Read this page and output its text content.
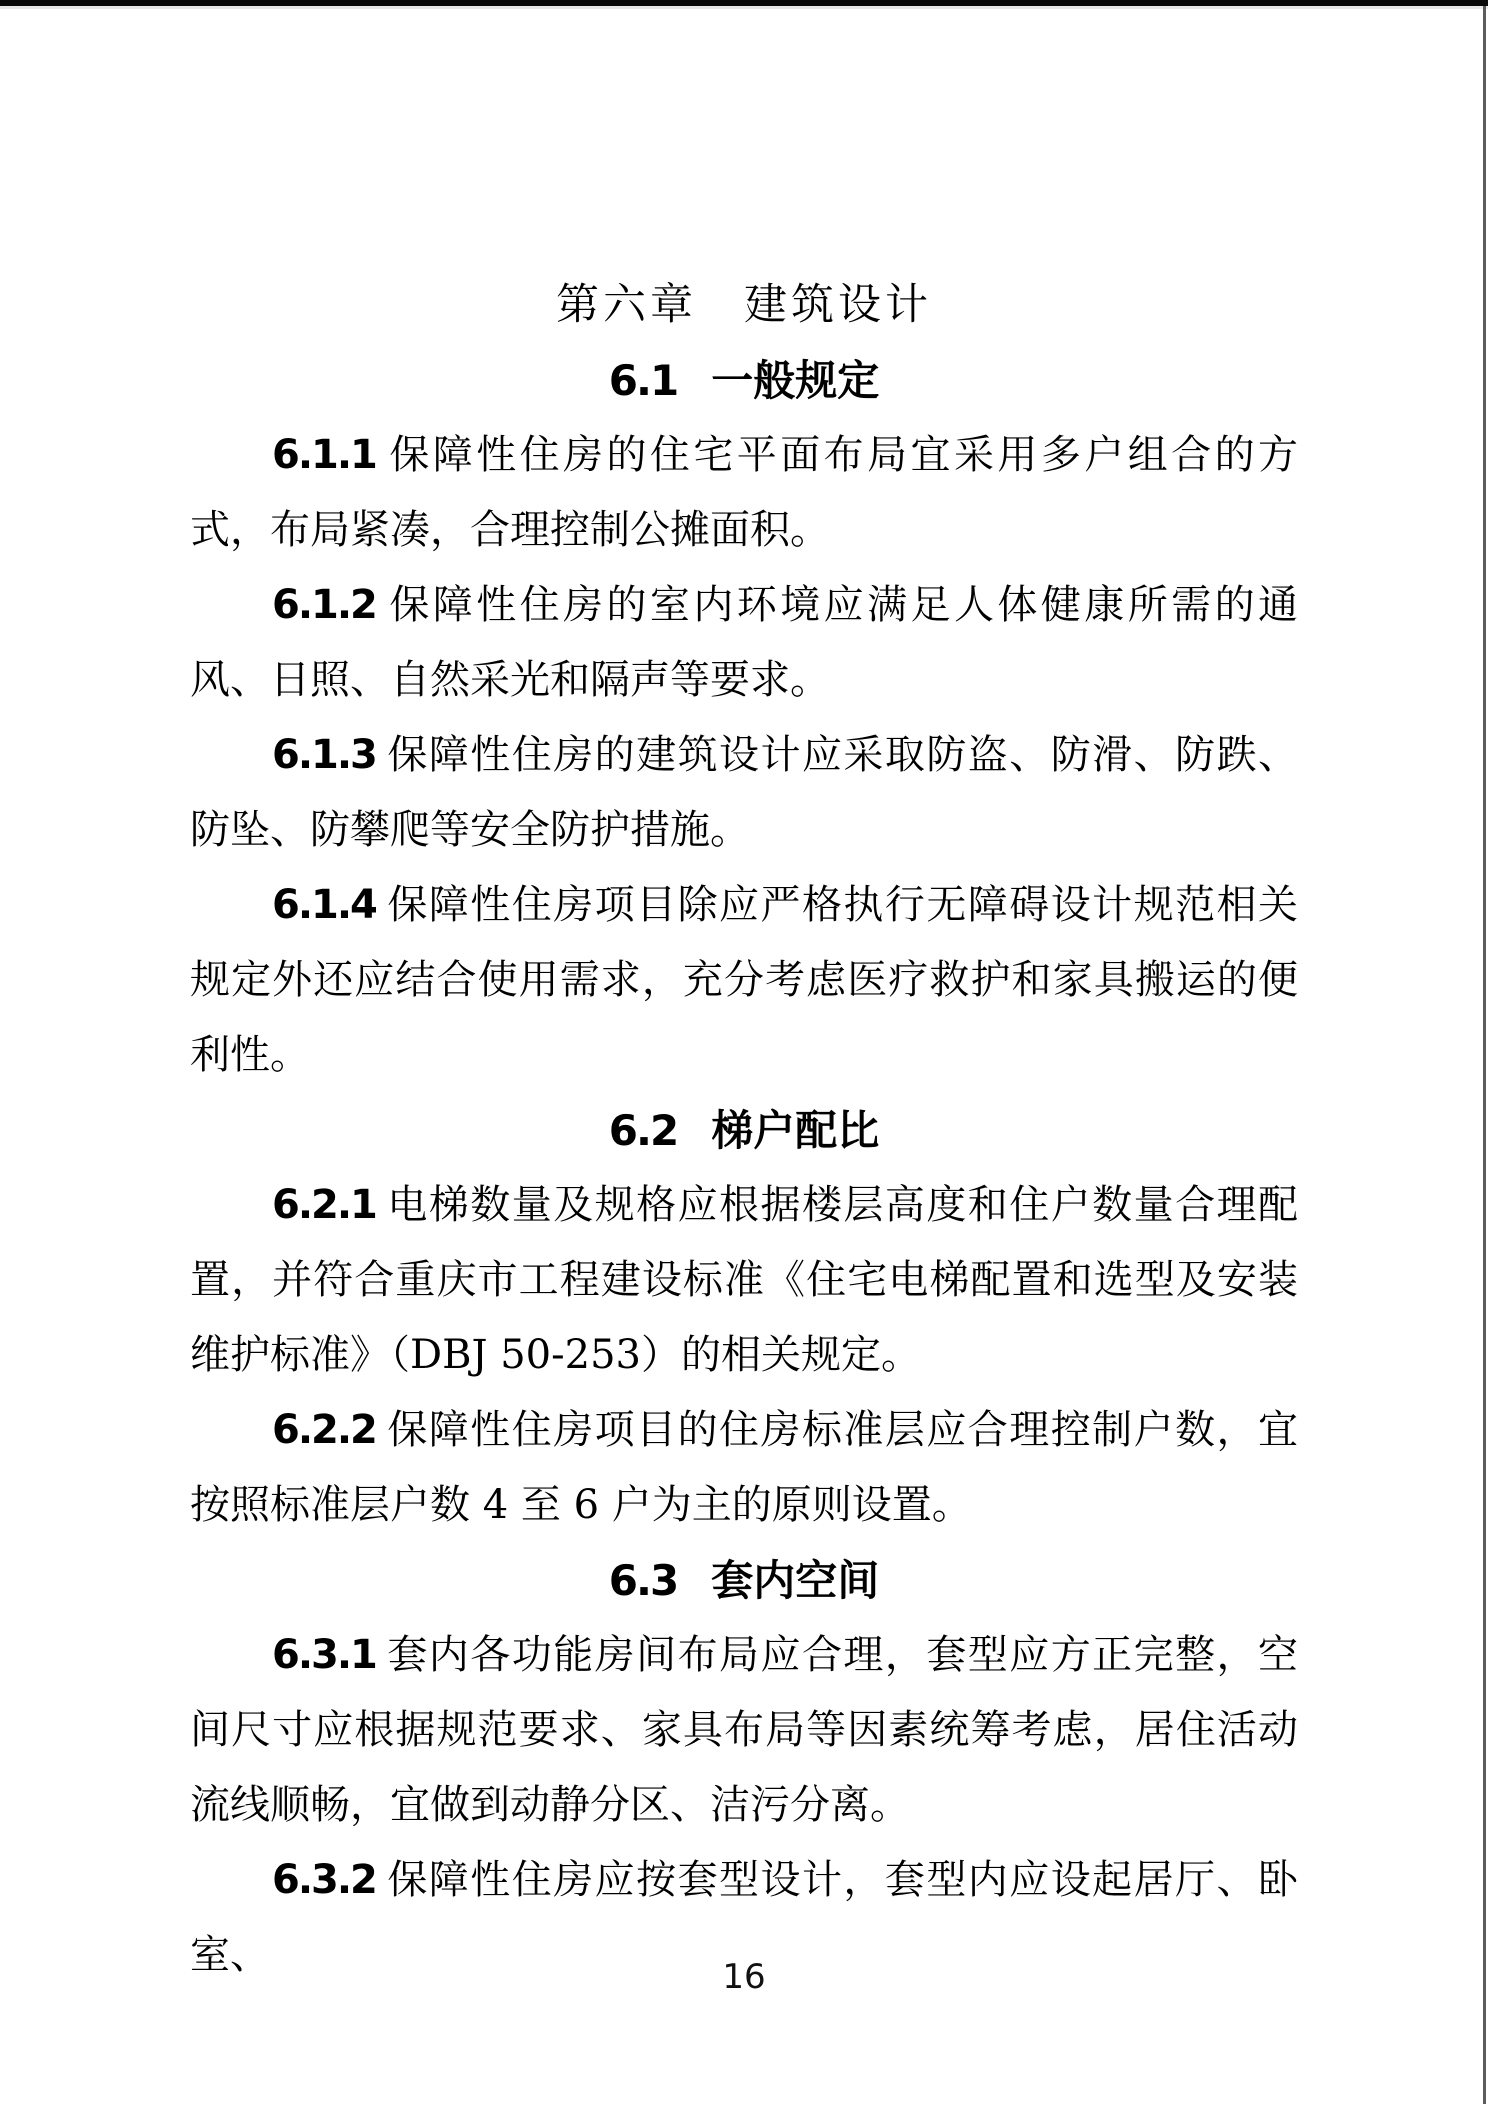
第六章　建筑设计
6.1 一般规定

6.1.1 保障性住房的住宅平面布局宜采用多户组合的方式，布局紧凑，合理控制公摊面积。

6.1.2 保障性住房的室内环境应满足人体健康所需的通风、日照、自然采光和隔声等要求。

6.1.3 保障性住房的建筑设计应采取防盗、防滑、防跌、防坠、防攀爬等安全防护措施。

6.1.4 保障性住房项目除应严格执行无障碍设计规范相关规定外还应结合使用需求，充分考虑医疗救护和家具搬运的便利性。

6.2 梯户配比

6.2.1 电梯数量及规格应根据楼层高度和住户数量合理配置，并符合重庆市工程建设标准《住宅电梯配置和选型及安装维护标准》（DBJ 50-253）的相关规定。

6.2.2 保障性住房项目的住房标准层应合理控制户数，宜按照标准层户数 4 至 6 户为主的原则设置。

6.3 套内空间

6.3.1 套内各功能房间布局应合理，套型应方正完整，空间尺寸应根据规范要求、家具布局等因素统筹考虑，居住活动流线顺畅，宜做到动静分区、洁污分离。

6.3.2 保障性住房应按套型设计，套型内应设起居厅、卧室、	16
